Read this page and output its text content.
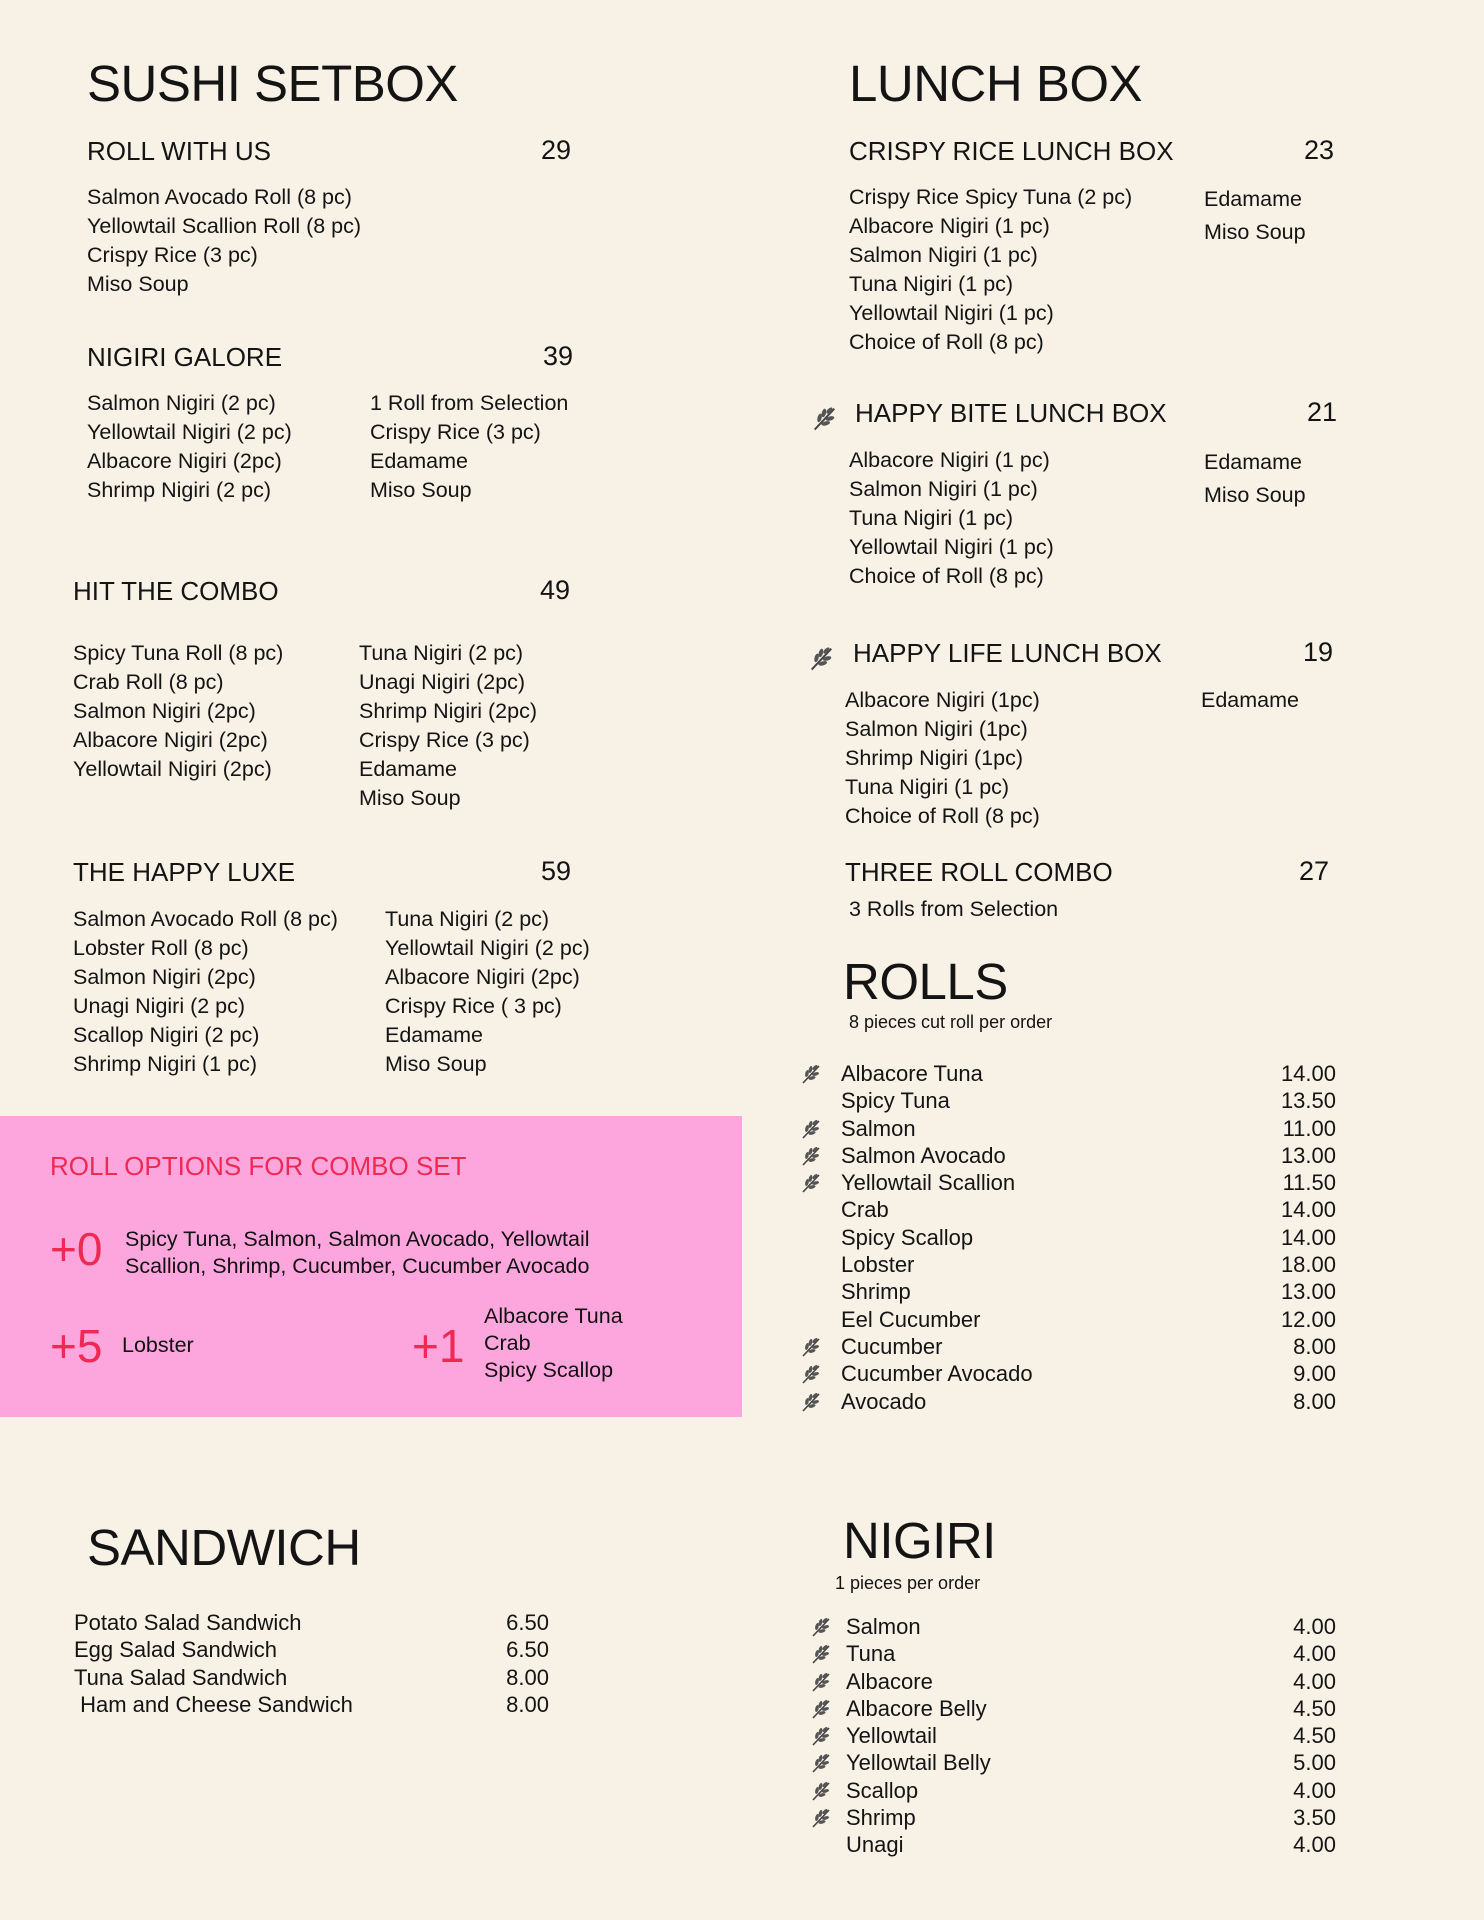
SUSHI SETBOX
ROLL WITH US	29
Salmon Avocado Roll (8 pc)
Yellowtail Scallion Roll (8 pc)
Crispy Rice (3 pc)
Miso Soup
NIGIRI GALORE	39
Salmon Nigiri (2 pc)
Yellowtail Nigiri (2 pc)
Albacore Nigiri (2pc)
Shrimp Nigiri (2 pc)
1 Roll from Selection
Crispy Rice (3 pc)
Edamame
Miso Soup
HIT THE COMBO	49
Spicy Tuna Roll (8 pc)
Crab Roll (8 pc)
Salmon Nigiri (2pc)
Albacore Nigiri (2pc)
Yellowtail Nigiri (2pc)
Tuna Nigiri (2 pc)
Unagi Nigiri (2pc)
Shrimp Nigiri (2pc)
Crispy Rice (3 pc)
Edamame
Miso Soup
THE HAPPY LUXE	59
Salmon Avocado Roll (8 pc)
Lobster Roll (8 pc)
Salmon Nigiri (2pc)
Unagi Nigiri (2 pc)
Scallop Nigiri (2 pc)
Shrimp Nigiri (1 pc)
Tuna Nigiri (2 pc)
Yellowtail Nigiri (2 pc)
Albacore Nigiri (2pc)
Crispy Rice ( 3 pc)
Edamame
Miso Soup
ROLL OPTIONS FOR COMBO SET
+0 Spicy Tuna, Salmon, Salmon Avocado, Yellowtail
Scallion, Shrimp, Cucumber, Cucumber Avocado
+5 Lobster	+1
Albacore Tuna
Crab
Spicy Scallop
SANDWICH
Potato Salad Sandwich	6.50
Egg Salad Sandwich	6.50
Tuna Salad Sandwich	8.00
Ham and Cheese Sandwich	8.00
LUNCH BOX
CRISPY RICE LUNCH BOX	23
Crispy Rice Spicy Tuna (2 pc)
Albacore Nigiri (1 pc)
Salmon Nigiri (1 pc)
Tuna Nigiri (1 pc)
Yellowtail Nigiri (1 pc)
Choice of Roll (8 pc)
Edamame
Miso Soup
HAPPY BITE LUNCH BOX	21
Albacore Nigiri (1 pc)
Salmon Nigiri (1 pc)
Tuna Nigiri (1 pc)
Yellowtail Nigiri (1 pc)
Choice of Roll (8 pc)
Edamame
Miso Soup
HAPPY LIFE LUNCH BOX	19
Albacore Nigiri (1pc)
Salmon Nigiri (1pc)
Shrimp Nigiri (1pc)
Tuna Nigiri (1 pc)
Choice of Roll (8 pc)
Edamame
THREE ROLL COMBO	27
3 Rolls from Selection
ROLLS
8 pieces cut roll per order
Albacore Tuna	14.00
Spicy Tuna	13.50
Salmon	11.00
Salmon Avocado	13.00
Yellowtail Scallion	11.50
Crab	14.00
Spicy Scallop	14.00
Lobster	18.00
Shrimp	13.00
Eel Cucumber	12.00
Cucumber	8.00
Cucumber Avocado	9.00
Avocado	8.00
NIGIRI
1 pieces per order
Salmon	4.00
Tuna	4.00
Albacore	4.00
Albacore Belly	4.50
Yellowtail	4.50
Yellowtail Belly	5.00
Scallop	4.00
Shrimp	3.50
Unagi	4.00
